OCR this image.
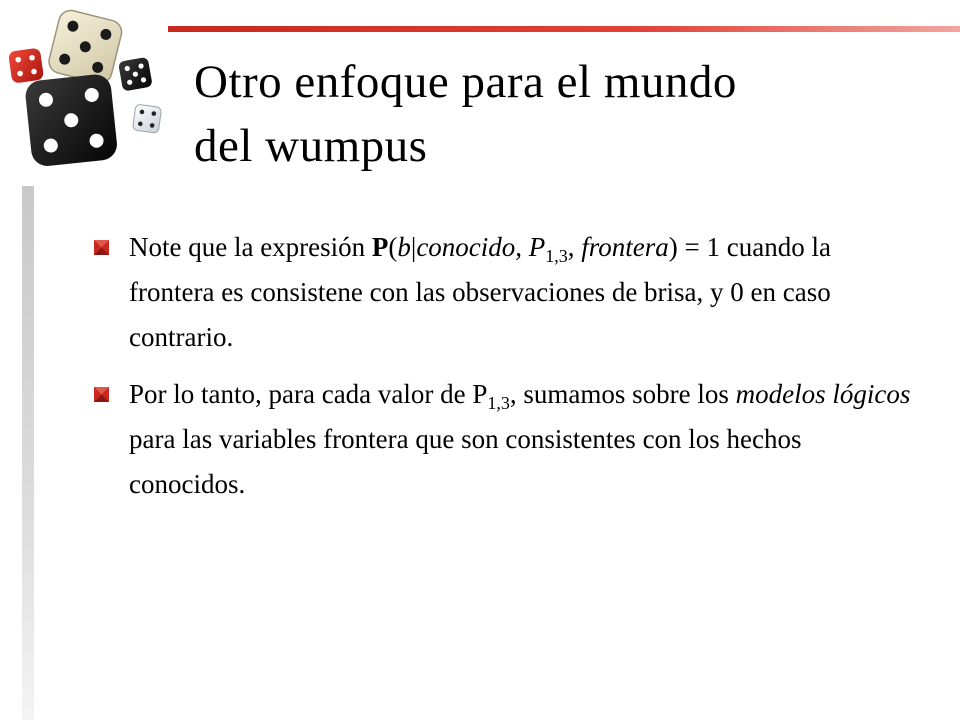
Otro enfoque para el mundo
del wumpus
Note que la expresión P(b|conocido, $P_{1,3}$, frontera) = 1 cuando la frontera es consistene con las observaciones de brisa, y 0 en caso contrario.
Por lo tanto, para cada valor de $P_{1,3}$, sumamos sobre los modelos lógicos para las variables frontera que son consistentes con los hechos conocidos.
